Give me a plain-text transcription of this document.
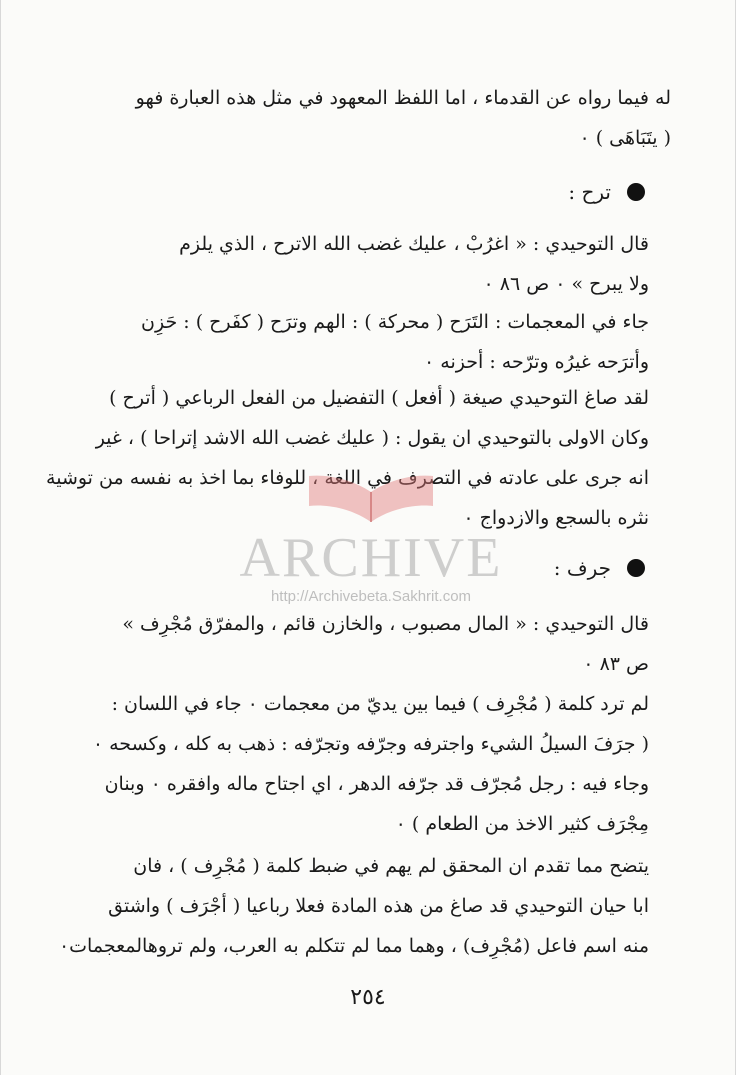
له فيما رواه عن القدماء ، اما اللفظ المعهود في مثل هذه العبارة فهو
( يتَبَاهَى ) ٠
ترح :
قال التوحيدي : « اغرُبْ ، عليك غضب الله الاترح ، الذي يلزم
ولا يبرح » ٠ ص ٨٦ ٠
جاء في المعجمات : التَرَح ( محركة ) : الهم وترَح ( كفَرح ) : حَزِن
وأترَحه غيرُه وترّحه : أحزنه ٠
لقد صاغ التوحيدي صيغة ( أفعل ) التفضيل من الفعل الرباعي ( أترح )
وكان الاولى بالتوحيدي ان يقول : ( عليك غضب الله الاشد إتراحا ) ، غير
انه جرى على عادته في التصرف في اللغة ، للوفاء بما اخذ به نفسه من توشية
نثره بالسجع والازدواج ٠
جرف :
قال التوحيدي : « المال مصبوب ، والخازن قائم ، والمفرّق مُجْرِف »
ص ٨٣ ٠
لم ترد كلمة ( مُجْرِف ) فيما بين يديّ من معجمات ٠ جاء في اللسان :
( جرَفَ السيلُ الشيء واجترفه وجرّفه وتجرّفه : ذهب به كله ، وكسحه ٠
وجاء فيه : رجل مُجرّف قد جرّفه الدهر ، اي اجتاح ماله وافقره ٠ وبنان
مِجْرَف كثير الاخذ من الطعام ) ٠
يتضح مما تقدم ان المحقق لم يهم في ضبط كلمة ( مُجْرِف ) ، فان
ابا حيان التوحيدي قد صاغ من هذه المادة فعلا رباعيا ( أجْرَف ) واشتق
منه اسم فاعل (مُجْرِف) ، وهما مما لم تتكلم به العرب، ولم تروهالمعجمات٠
٢٥٤
ARCHIVE
http://Archivebeta.Sakhrit.com
